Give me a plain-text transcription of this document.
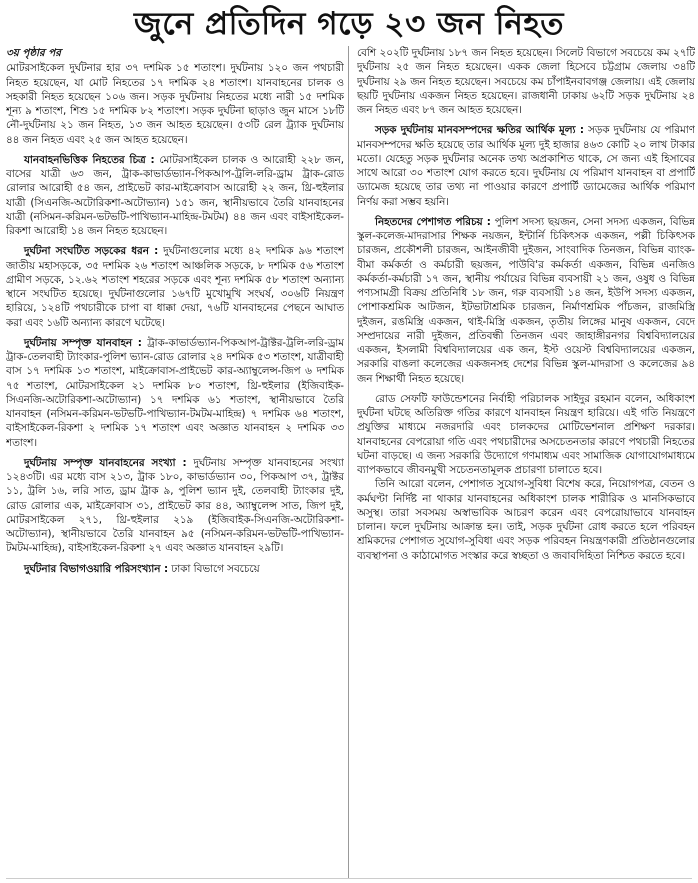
জুনে প্রতিদিন গড়ে ২৩ জন নিহত
৩য় পৃষ্ঠার পর

মোটরসাইকেল দুর্ঘটনার হার ৩৭ দশমিক ১৫ শতাংশ। দুর্ঘটনায় ১২০ জন পথচারী নিহত হয়েছেন, যা মোট নিহতের ১৭ দশমিক ২৪ শতাংশ। যানবাহনের চালক ও সহকারী নিহত হয়েছেন ১০৬ জন। সড়ক দুর্ঘটনায় নিহতের মধ্যে নারী ১৫ দশমিক শূন্য ৯ শতাংশ, শিশু ১৫ দশমিক ৮২ শতাংশ। সড়ক দুর্ঘটনা ছাড়াও জুন মাসে ১৮টি নৌ-দুর্ঘটনায় ২১ জন নিহত, ১৩ জন আহত হয়েছেন। ৫৩টি রেল ট্র্যাক দুর্ঘটনায় ৪৪ জন নিহত এবং ২৫ জন আহত হয়েছেন।

যানবাহনভিত্তিক নিহতের চিত্র : মোটরসাইকেল চালক ও আরোহী ২২৮ জন, বাসের যাত্রী ৬৩ জন, ট্রাক-কাভার্ডভ্যান-পিকআপ-ট্রলি-লরি-ড্রাম ট্রাক-রোড রোলার আরোহী ৫৪ জন, প্রাইভেট কার-মাইক্রোবাস আরোহী ২২ জন, থ্রি-হুইলার যাত্রী (সিএনজি-অটোরিকশা-অটোভ্যান) ১৫১ জন, স্থানীয়ভাবে তৈরি যানবাহনের যাত্রী (নসিমন-করিমন-ভটভটি-পাখিভ্যান-মাহিন্দ্র-টমটম) ৪৪ জন এবং বাইসাইকেল-রিকশা আরোহী ১৪ জন নিহত হয়েছেন।

দুর্ঘটনা সংঘটিত সড়কের ধরন : দুর্ঘটনাগুলোর মধ্যে ৪২ দশমিক ৯৬ শতাংশ জাতীয় মহাসড়কে, ৩৫ দশমিক ২৬ শতাংশ আঞ্চলিক সড়কে, ৮ দশমিক ৫৬ শতাংশ গ্রামীণ সড়কে, ১২.৬২ শতাংশ শহরের সড়কে এবং শূন্য দশমিক ৫৮ শতাংশ অন্যান্য স্থানে সংঘটিত হয়েছে। দুর্ঘটনাগুলোর ১৬৭টি মুখোমুখি সংঘর্ষ, ৩০৬টি নিয়ন্ত্রণ হারিয়ে, ১২৪টি পথচারীকে চাপা বা ধাক্কা দেয়া, ৭৬টি যানবাহনের পেছনে আঘাত করা এবং ১৬টি অন্যান্য কারণে ঘটেছে।

দুর্ঘটনায় সম্পৃক্ত যানবাহন : ট্রাক-কাভার্ডভ্যান-পিকআপ-ট্রাক্টর-ট্রলি-লরি-ড্রাম ট্রাক-তেলবাহী ট্যাংকার-পুলিশ ভ্যান-রোড রোলার ২৪ দশমিক ৫৩ শতাংশ, যাত্রীবাহী বাস ১৭ দশমিক ১৩ শতাংশ, মাইক্রোবাস-প্রাইভেট কার-অ্যাম্বুলেন্স-জিপ ৬ দশমিক ৭৫ শতাংশ, মোটরসাইকেল ২১ দশমিক ৮০ শতাংশ, থ্রি-হুইলার (ইজিবাইক-সিএনজি-অটোরিকশা-অটোভ্যান) ১৭ দশমিক ৬১ শতাংশ, স্থানীয়ভাবে তৈরি যানবাহন (নসিমন-করিমন-ভটভটি-পাখিভ্যান-টমটম-মাহিন্দ্র) ৭ দশমিক ৬৪ শতাংশ, বাইসাইকেল-রিকশা ২ দশমিক ১৭ শতাংশ এবং অজ্ঞাত যানবাহন ২ দশমিক ৩৩ শতাংশ।

দুর্ঘটনায় সম্পৃক্ত যানবাহনের সংখ্যা : দুর্ঘটনায় সম্পৃক্ত যানবাহনের সংখ্যা ১২৪৩টি। এর মধ্যে বাস ২১৩, ট্রাক ১৮০, কাভার্ডভ্যান ৩০, পিকআপ ৩৭, ট্রাক্টর ১১, ট্রলি ১৬, লরি সাত, ড্রাম ট্রাক ৯, পুলিশ ভ্যান দুই, তেলবাহী ট্যাংকার দুই, রোড রোলার এক, মাইক্রোবাস ৩১, প্রাইভেট কার ৪৪, অ্যাম্বুলেন্স সাত, জিপ দুই, মোটরসাইকেল ২৭১, থ্রি-হুইলার ২১৯ (ইজিবাইক-সিএনজি-অটোরিকশা-অটোভ্যান), স্থানীয়ভাবে তৈরি যানবাহন ৯৫ (নসিমন-করিমন-ভটভটি-পাখিভ্যান-টমটম-মাহিন্দ্র), বাইসাইকেল-রিকশা ২৭ এবং অজ্ঞাত যানবাহন ২৯টি।

দুর্ঘটনার বিভাগওয়ারি পরিসংখ্যান : ঢাকা বিভাগে সবচেয়ে

বেশি ২০২টি দুর্ঘটনায় ১৮৭ জন নিহত হয়েছেন। সিলেট বিভাগে সবচেয়ে কম ২৭টি দুর্ঘটনায় ২৫ জন নিহত হয়েছেন। একক জেলা হিসেবে চট্টগ্রাম জেলায় ৩৪টি দুর্ঘটনায় ২৯ জন নিহত হয়েছেন। সবচেয়ে কম চাঁপাইনবাবগঞ্জ জেলায়। এই জেলায় ছয়টি দুর্ঘটনায় একজন নিহত হয়েছেন। রাজধানী ঢাকায় ৬২টি সড়ক দুর্ঘটনায় ২৪ জন নিহত এবং ৮৭ জন আহত হয়েছেন।

সড়ক দুর্ঘটনায় মানবসম্পদের ক্ষতির আর্থিক মূল্য : সড়ক দুর্ঘটনায় যে পরিমাণ মানবসম্পদের ক্ষতি হয়েছে তার আর্থিক মূল্য দুই হাজার ৪৬৩ কোটি ২০ লাখ টাকার মতো। যেহেতু সড়ক দুর্ঘটনার অনেক তথ্য অপ্রকাশিত থাকে, সে জন্য এই হিসাবের সাথে আরো ৩০ শতাংশ যোগ করতে হবে। দুর্ঘটনায় যে পরিমাণ যানবাহন বা প্রপার্টি ড্যামেজ হয়েছে তার তথ্য না পাওয়ার কারণে প্রপার্টি ড্যামেজের আর্থিক পরিমাণ নির্ণয় করা সম্ভব হয়নি।

নিহতদের পেশাগত পরিচয় : পুলিশ সদস্য ছয়জন, সেনা সদস্য একজন, বিভিন্ন স্কুল-কলেজ-মাদরাসার শিক্ষক নয়জন, ইন্টার্নি চিকিৎসক একজন, পল্লী চিকিৎসক চারজন, প্রকৌশলী চারজন, আইনজীবী দুইজন, সাংবাদিক তিনজন, বিভিন্ন ব্যাংক-বীমা কর্মকর্তা ও কর্মচারী ছয়জন, পাউবি'র কর্মকর্তা একজন, বিভিন্ন এনজিও কর্মকর্তা-কর্মচারী ১৭ জন, স্থানীয় পর্যায়ের বিভিন্ন ব্যবসায়ী ২১ জন, ওষুধ ও বিভিন্ন পণ্যসামগ্রী বিক্রয় প্রতিনিধি ১৮ জন, গরু ব্যবসায়ী ১৪ জন, ইউপি সদস্য একজন, পোশাকশ্রমিক আটজন, ইটভাটাশ্রমিক চারজন, নির্মাণশ্রমিক পাঁচজন, রাজমিস্ত্রি দুইজন, রঙমিস্ত্রি একজন, থাই-মিস্ত্রি একজন, তৃতীয় লিঙ্গের মানুষ একজন, বেদে সম্প্রদায়ের নারী দুইজন, প্রতিবন্ধী তিনজন এবং জাহাঙ্গীরনগর বিশ্ববিদ্যালয়ের একজন, ইসলামী বিশ্ববিদ্যালয়ের এক জন, ইস্ট ওয়েস্ট বিশ্ববিদ্যালয়ের একজন, সরকারি বাঙলা কলেজের একজনসহ দেশের বিভিন্ন স্কুল-মাদরাসা ও কলেজের ৯৪ জন শিক্ষার্থী নিহত হয়েছে।

রোড সেফটি ফাউন্ডেশনের নির্বাহী পরিচালক সাইদুর রহমান বলেন, অধিকাংশ দুর্ঘটনা ঘটছে অতিরিক্ত গতির কারণে যানবাহন নিয়ন্ত্রণ হারিয়ে। এই গতি নিয়ন্ত্রণে প্রযুক্তির মাধ্যমে নজরদারি এবং চালকদের মোটিভেশনাল প্রশিক্ষণ দরকার। যানবাহনের বেপরোয়া গতি এবং পথচারীদের অসচেতনতার কারণে পথচারী নিহতের ঘটনা বাড়ছে। এ জন্য সরকারি উদ্যোগে গণমাধ্যম এবং সামাজিক যোগাযোগমাধ্যমে ব্যাপকভাবে জীবনমুখী সচেতনতামূলক প্রচারণা চালাতে হবে।

তিনি আরো বলেন, পেশাগত সুযোগ-সুবিধা বিশেষ করে, নিয়োগপত্র, বেতন ও কর্মঘণ্টা নির্দিষ্ট না থাকার যানবাহনের অধিকাংশ চালক শারীরিক ও মানসিকভাবে অসুস্থ। তারা সবসময় অস্বাভাবিক আচরণ করেন এবং বেপরোয়াভাবে যানবাহন চালান। ফলে দুর্ঘটনায় আক্রান্ত হন। তাই, সড়ক দুর্ঘটনা রোধ করতে হলে পরিবহন শ্রমিকদের পেশাগত সুযোগ-সুবিধা এবং সড়ক পরিবহন নিয়ন্ত্রণকারী প্রতিষ্ঠানগুলোর ব্যবস্থাপনা ও কাঠামোগত সংস্কার করে স্বচ্ছতা ও জবাবদিহিতা নিশ্চিত করতে হবে।
